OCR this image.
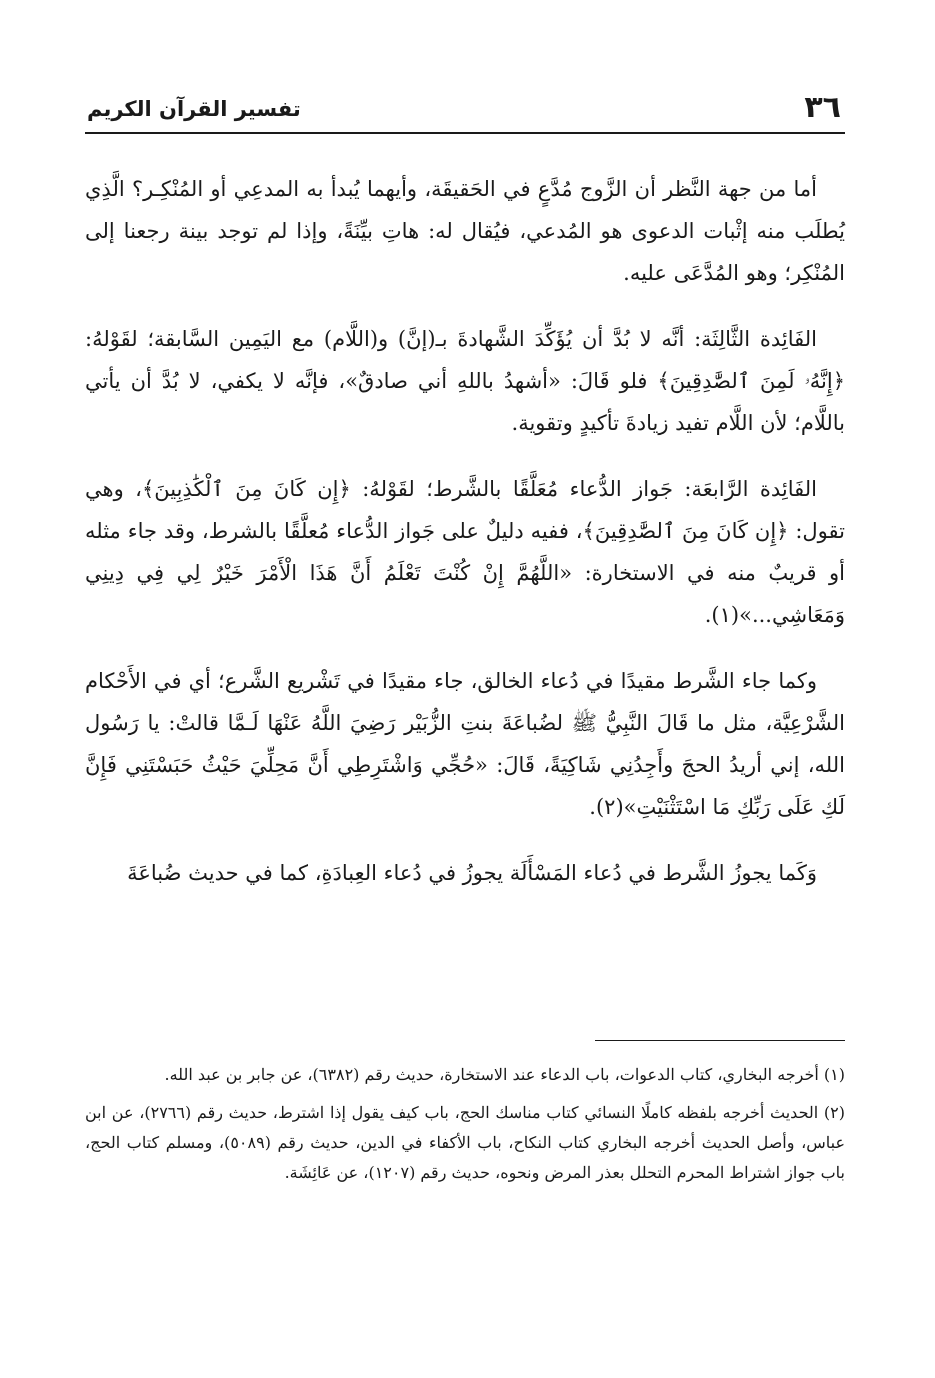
٣٦
تفسير القرآن الكريم

أما من جهة النَّظر أن الزَّوج مُدَّعٍ في الحَقيقَة، وأيهما يُبدأ به المدعِي أو المُنْكِـر؟ الَّذِي يُطلَب منه إثْبات الدعوى هو المُدعي، فيُقال له: هاتِ بيِّنَةً، وإذا لم توجد بينة رجعنا إلى المُنْكِر؛ وهو المُدَّعَى عليه.

الفَائِدة الثَّالِثَة: أنَّه لا بُدَّ أن يُؤَكِّدَ الشَّهادةَ بـ(إنَّ) و(اللَّام) مع اليَمِين السَّابقة؛ لقَوْلهُ: ﴿إِنَّهُۥ لَمِنَ ٱلصَّٰدِقِينَ﴾ فلو قَالَ: «أشهدُ باللهِ أني صادقٌ»، فإنَّه لا يكفي، لا بُدَّ أن يأتي باللَّام؛ لأن اللَّام تفيد زيادةَ تأكيدٍ وتقوية.

الفَائِدة الرَّابعَة: جَواز الدُّعاء مُعَلَّقًا بالشَّرط؛ لقَوْلهُ: ﴿إِن كَانَ مِنَ ٱلْكَٰذِبِينَ﴾، وهي تقول: ﴿إِن كَانَ مِنَ ٱلصَّٰدِقِينَ﴾، ففيه دليلٌ على جَواز الدُّعاء مُعلَّقًا بالشرط، وقد جاء مثله أو قريبٌ منه في الاستخارة: «اللَّهُمَّ إِنْ كُنْتَ تَعْلَمُ أَنَّ هَذَا الْأَمْرَ خَيْرٌ لِي فِي دِينِي وَمَعَاشِي...»(١).

وكما جاء الشَّرط مقيدًا في دُعاء الخالق، جاء مقيدًا في تَشْريع الشَّرع؛ أي في الأَحْكام الشَّرْعِيَّة، مثل ما قَالَ النَّبِيُّ ﷺ لضُباعَةَ بنتِ الزُّبَيْر رَضِيَ اللَّهُ عَنْهَا لَـمَّا قالتْ: يا رَسُول الله، إني أريدُ الحجَ وأَجِدُنِي شَاكِيَةً، قَالَ: «حُجِّي وَاشْتَرِطِي أَنَّ مَحِلِّيَ حَيْثُ حَبَسْتَنِي فَإِنَّ لَكِ عَلَى رَبِّكِ مَا اسْتَثْنَيْتِ»(٢).

وَكَما يجوزُ الشَّرط في دُعاء المَسْأَلَة يجوزُ في دُعاء العِبادَةِ، كما في حديث ضُباعَةَ

(١) أخرجه البخاري، كتاب الدعوات، باب الدعاء عند الاستخارة، حديث رقم (٦٣٨٢)، عن جابر بن عبد الله.

(٢) الحديث أخرجه بلفظه كاملًا النسائي كتاب مناسك الحج، باب كيف يقول إذا اشترط، حديث رقم (٢٧٦٦)، عن ابن عباس، وأصل الحديث أخرجه البخاري كتاب النكاح، باب الأكفاء في الدين، حديث رقم (٥٠٨٩)، ومسلم كتاب الحج، باب جواز اشتراط المحرم التحلل بعذر المرض ونحوه، حديث رقم (١٢٠٧)، عن عَائِشَة.
